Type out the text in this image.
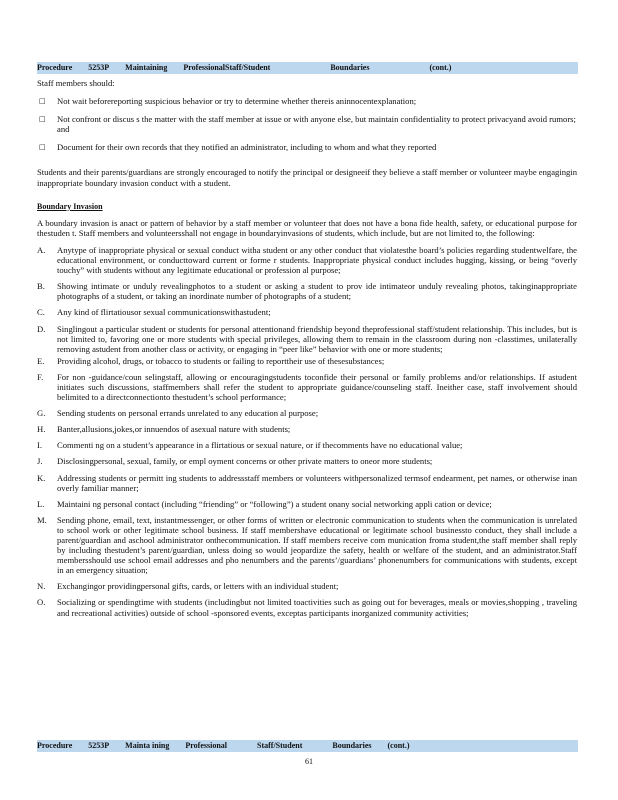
Procedure 5253P Maintaining ProfessionalStaff/Student	Boundaries	(cont.)

Staff members should:

□ Not wait beforereporting suspicious behavior or try to determine whether thereis aninnocentexplanation;

□ Not confront or discus s the matter with the staff member at issue or with anyone else, but maintain confidentiality to protect privacyand avoid rumors; and

□ Document for their own records that they notified an administrator, including to whom and what they reported

Students and their parents/guardians are strongly encouraged to notify the principal or designeeif they believe a staff member or volunteer maybe engagingin inappropriate boundary invasion conduct with a student.

Boundary Invasion

A boundary invasion is anact or pattern of behavior by a staff member or volunteer that does not have a bona fide health, safety, or educational purpose for thestuden t. Staff members and volunteersshall not engage in boundaryinvasions of students, which include, but are not limited to, the following:

A. Anytype of inappropriate physical or sexual conduct witha student or any other conduct that violatesthe board’s policies regarding studentwelfare, the educational environment, or conducttoward current or forme r students. Inappropriate physical conduct includes hugging, kissing, or being “overly touchy” with students without any legitimate educational or profession al purpose;

B. Showing intimate or unduly revealingphotos to a student or asking a student to prov ide intimateor unduly revealing photos, takinginappropriate photographs of a student, or taking an inordinate number of photographs of a student;

C. Any kind of flirtatiousor sexual communicationswithastudent;

D. Singlingout a particular student or students for personal attentionand friendship beyond theprofessional staff/student relationship. This includes, but is not limited to, favoring one or more students with special privileges, allowing them to remain in the classroom during non -classtimes, unilaterally removing astudent from another class or activity, or engaging in “peer like” behavior with one or more students;

E. Providing alcohol, drugs, or tobacco to students or failing to reporttheir use of thesesubstances;

F. For non -guidance/coun selingstaff, allowing or encouragingstudents toconfide their personal or family problems and/or relationships. If astudent initiates such discussions, staffmembers shall refer the student to appropriate guidance/counseling staff. Ineither case, staff involvement should belimited to a directconnectionto thestudent’s school performance;

G. Sending students on personal errands unrelated to any education al purpose;

H. Banter,allusions,jokes,or innuendos of asexual nature with students;

I. Commenti ng on a student’s appearance in a flirtatious or sexual nature, or if thecomments have no educational value;

J. Disclosingpersonal, sexual, family, or empl oyment concerns or other private matters to oneor more students;

K. Addressing students or permitt ing students to addressstaff members or volunteers withpersonalized termsof endearment, pet names, or otherwise inan overly familiar manner;

L. Maintaini ng personal contact (including “friending” or “following”) a student onany social networking appli cation or device;

M. Sending phone, email, text, instantmessenger, or other forms of written or electronic communication to students when the communication is unrelated to school work or other legitimate school business. If staff membershave educational or legitimate school businessto conduct, they shall include a parent/guardian and aschool administrator onthecommunication. If staff members receive com munication froma student,the staff member shall reply by including thestudent’s parent/guardian, unless doing so would jeopardize the safety, health or welfare of the student, and an administrator.Staff membersshould use school email addresses and pho nenumbers and the parents’/guardians’ phonenumbers for communications with students, except in an emergency situation;

N. Exchangingor providingpersonal gifts, cards, or letters with an individual student;

O. Socializing or spendingtime with students (includingbut not limited toactivities such as going out for beverages, meals or movies,shopping , traveling and recreational activities) outside of school -sponsored events, exceptas participants inorganized community activities;

Procedure 5253P Mainta ining Professional	Staff/Student	Boundaries (cont.)
61
